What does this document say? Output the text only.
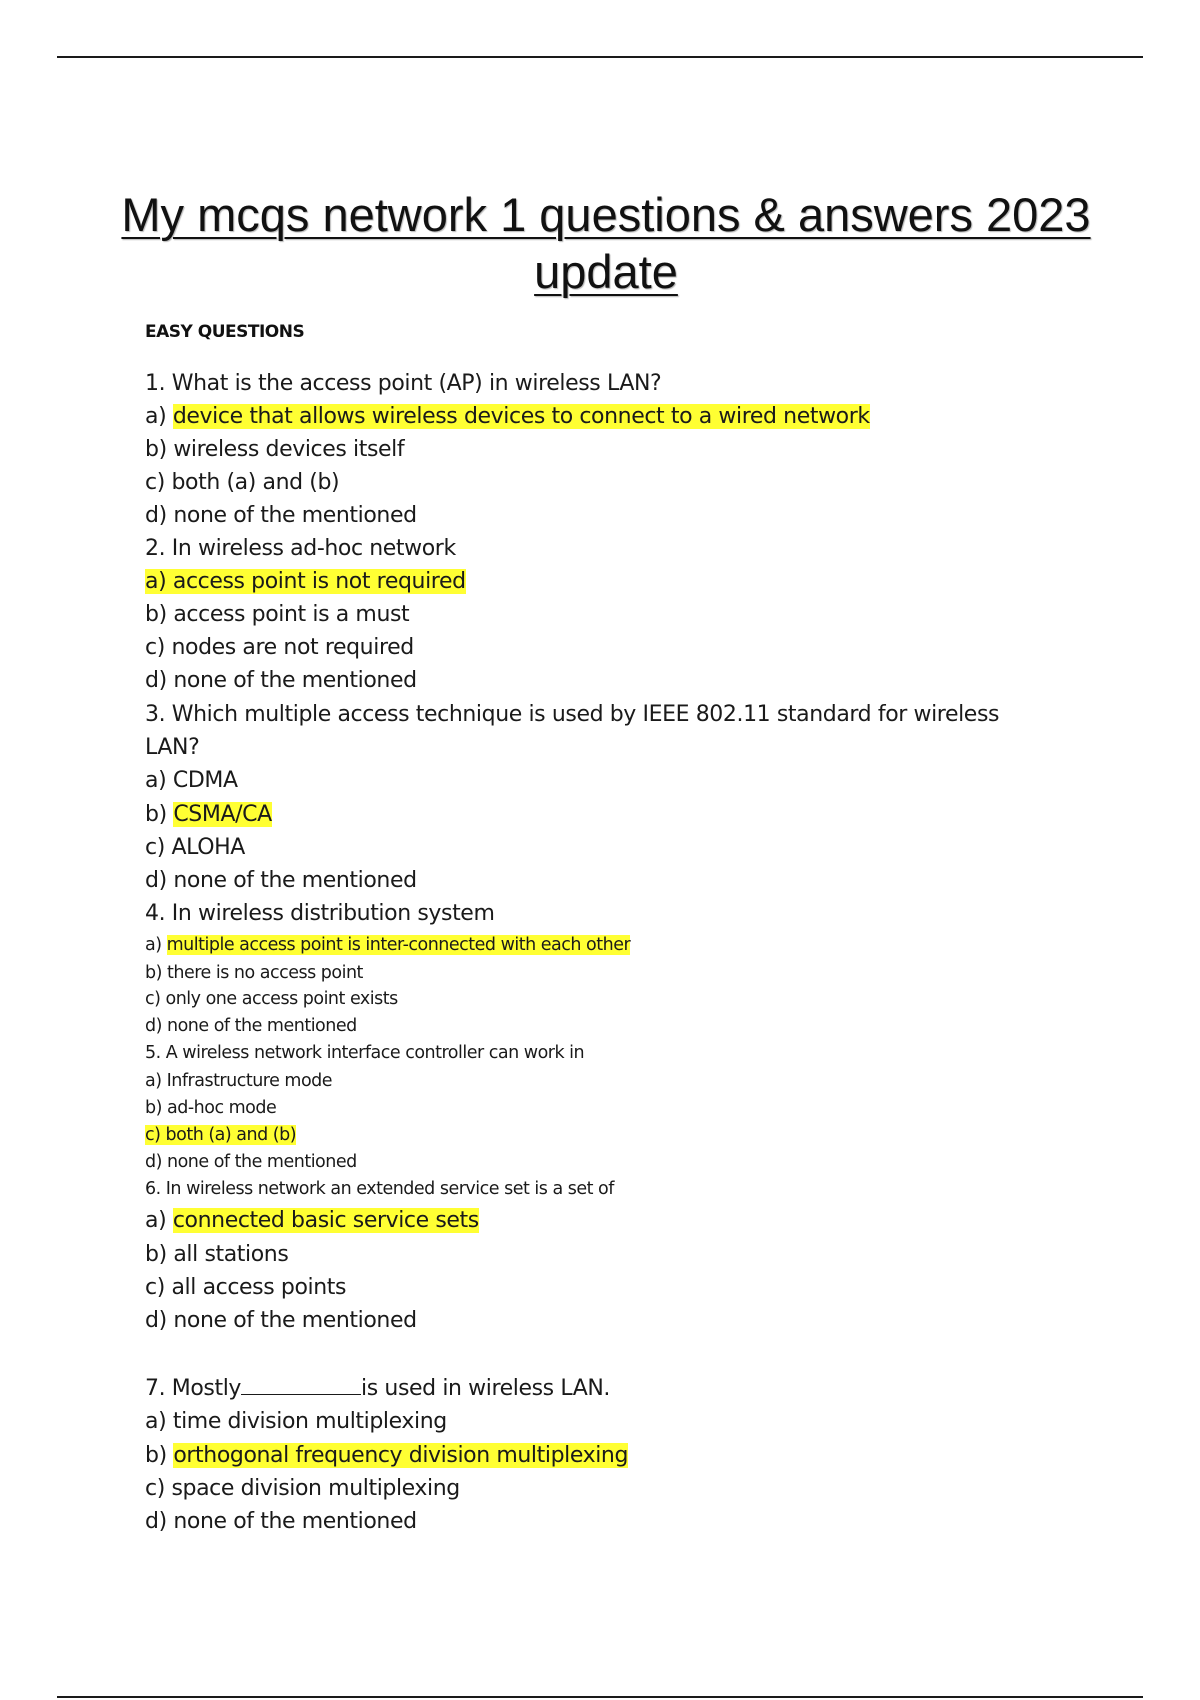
My mcqs network 1 questions & answers 2023
update
EASY QUESTIONS
1. What is the access point (AP) in wireless LAN?
a) device that allows wireless devices to connect to a wired network
b) wireless devices itself
c) both (a) and (b)
d) none of the mentioned
2. In wireless ad-hoc network
a) access point is not required
b) access point is a must
c) nodes are not required
d) none of the mentioned
3. Which multiple access technique is used by IEEE 802.11 standard for wireless
LAN?
a) CDMA
b) CSMA/CA
c) ALOHA
d) none of the mentioned
4. In wireless distribution system
a) multiple access point is inter-connected with each other
b) there is no access point
c) only one access point exists
d) none of the mentioned
5. A wireless network interface controller can work in
a) Infrastructure mode
b) ad-hoc mode
c) both (a) and (b)
d) none of the mentioned
6. In wireless network an extended service set is a set of
a) connected basic service sets
b) all stations
c) all access points
d) none of the mentioned
7. Mostly	is used in wireless LAN.
a) time division multiplexing
b) orthogonal frequency division multiplexing
c) space division multiplexing
d) none of the mentioned
